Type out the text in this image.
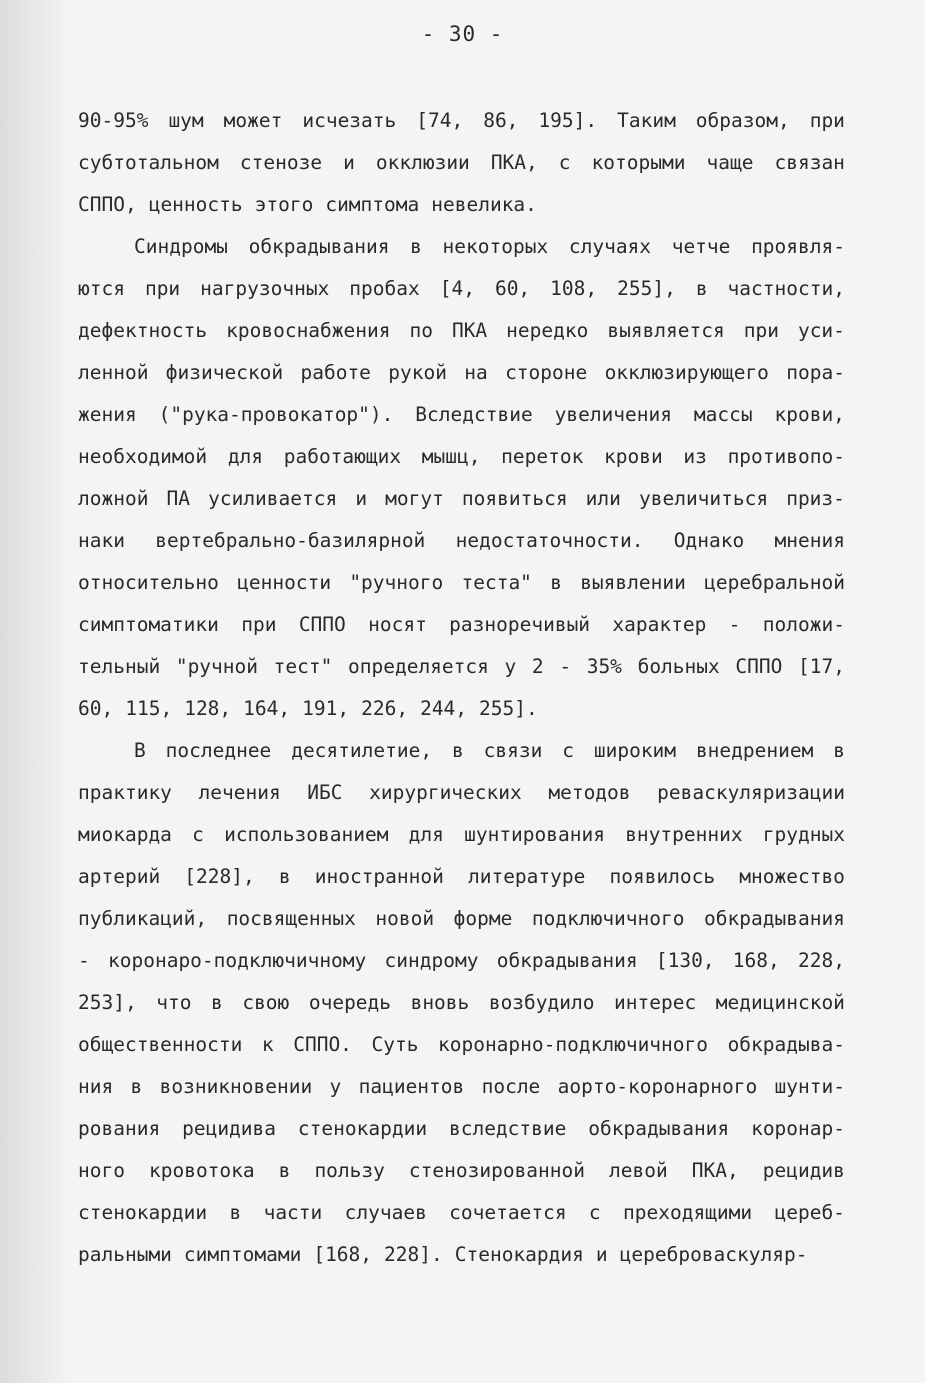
- 30 -
90-95% шум может исчезать [74, 86, 195]. Таким образом, при
субтотальном стенозе и окклюзии ПКА, с которыми чаще связан
СППО, ценность этого симптома невелика.
Синдромы обкрадывания в некоторых случаях четче проявля-
ются при нагрузочных пробах [4, 60, 108, 255], в частности,
дефектность кровоснабжения по ПКА нередко выявляется при уси-
ленной физической работе рукой на стороне окклюзирующего пора-
жения ("рука-провокатор"). Вследствие увеличения массы крови,
необходимой для работающих мышц, переток крови из противопо-
ложной ПА усиливается и могут появиться или увеличиться приз-
наки вертебрально-базилярной недостаточности. Однако мнения
относительно ценности "ручного теста" в выявлении церебральной
симптоматики при СППО носят разноречивый характер - положи-
тельный "ручной тест" определяется у 2 - 35% больных СППО [17,
60, 115, 128, 164, 191, 226, 244, 255].
В последнее десятилетие, в связи с широким внедрением в
практику лечения ИБС хирургических методов реваскуляризации
миокарда с использованием для шунтирования внутренних грудных
артерий [228], в иностранной литературе появилось множество
публикаций, посвященных новой форме подключичного обкрадывания
- коронаро-подключичному синдрому обкрадывания [130, 168, 228,
253], что в свою очередь вновь возбудило интерес медицинской
общественности к СППО. Суть коронарно-подключичного обкрадыва-
ния в возникновении у пациентов после аорто-коронарного шунти-
рования рецидива стенокардии вследствие обкрадывания коронар-
ного кровотока в пользу стенозированной левой ПКА, рецидив
стенокардии в части случаев сочетается с преходящими цереб-
ральными симптомами [168, 228]. Стенокардия и цереброваскуляр-
